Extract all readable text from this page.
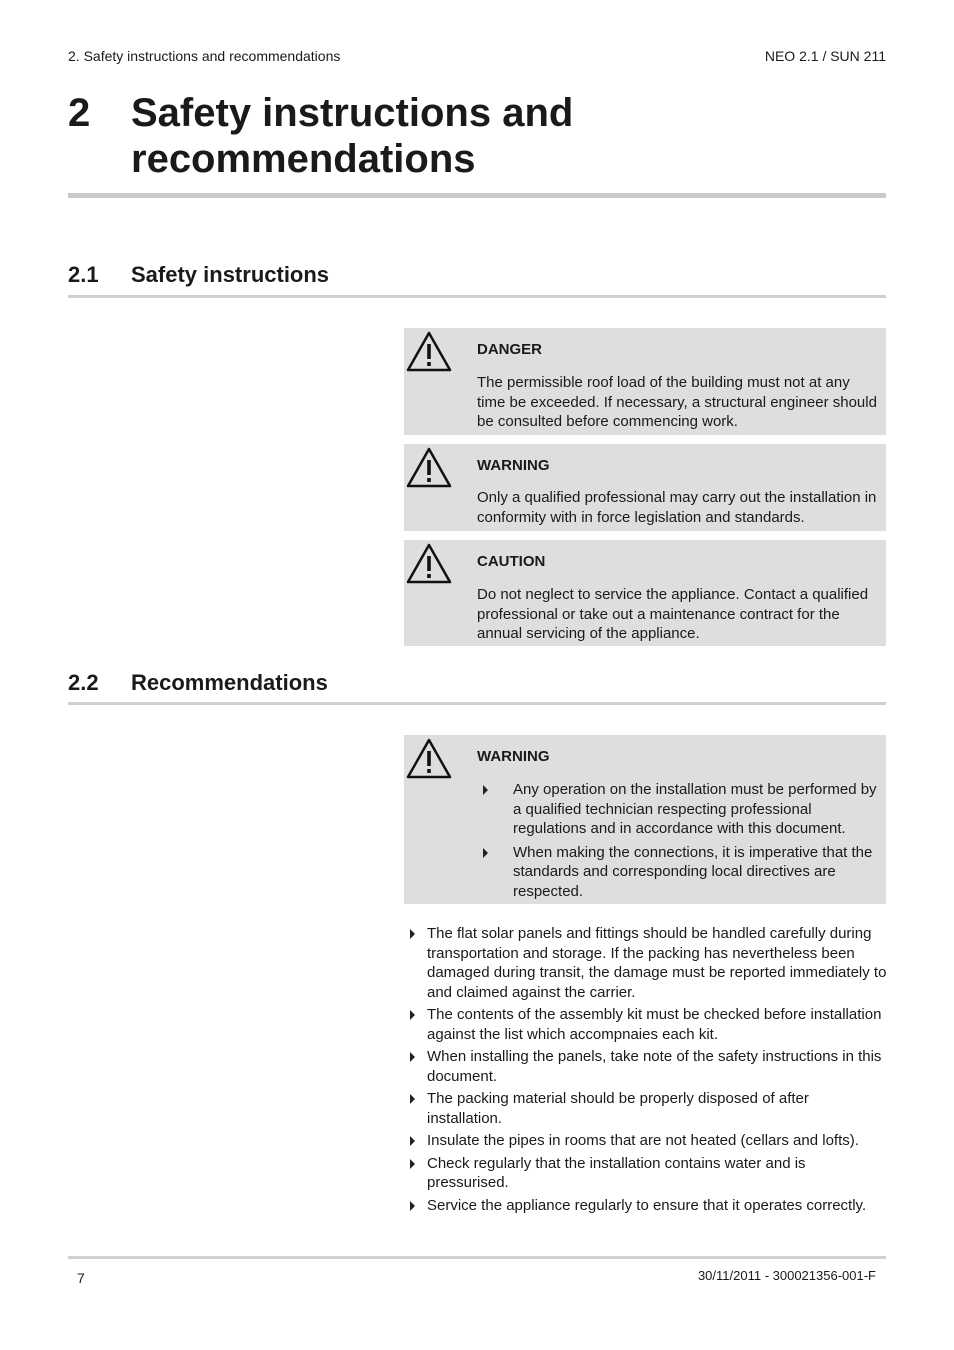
2. Safety instructions and recommendations	NEO 2.1 / SUN 211
2 Safety instructions and recommendations
2.1 Safety instructions
DANGER
The permissible roof load of the building must not at any time be exceeded. If necessary, a structural engineer should be consulted before commencing work.
WARNING
Only a qualified professional may carry out the installation in conformity with in force legislation and standards.
CAUTION
Do not neglect to service the appliance. Contact a qualified professional or take out a maintenance contract for the annual servicing of the appliance.
2.2 Recommendations
WARNING
Any operation on the installation must be performed by a qualified technician respecting professional regulations and in accordance with this document.
When making the connections, it is imperative that the standards and corresponding local directives are respected.
The flat solar panels and fittings should be handled carefully during transportation and storage. If the packing has nevertheless been damaged during transit, the damage must be reported immediately to and claimed against the carrier.
The contents of the assembly kit must be checked before installation against the list which accompnaies each kit.
When installing the panels, take note of the safety instructions in this document.
The packing material should be properly disposed of after installation.
Insulate the pipes in rooms that are not heated (cellars and lofts).
Check regularly that the installation contains water and is pressurised.
Service the appliance regularly to ensure that it operates correctly.
7	30/11/2011 - 300021356-001-F
